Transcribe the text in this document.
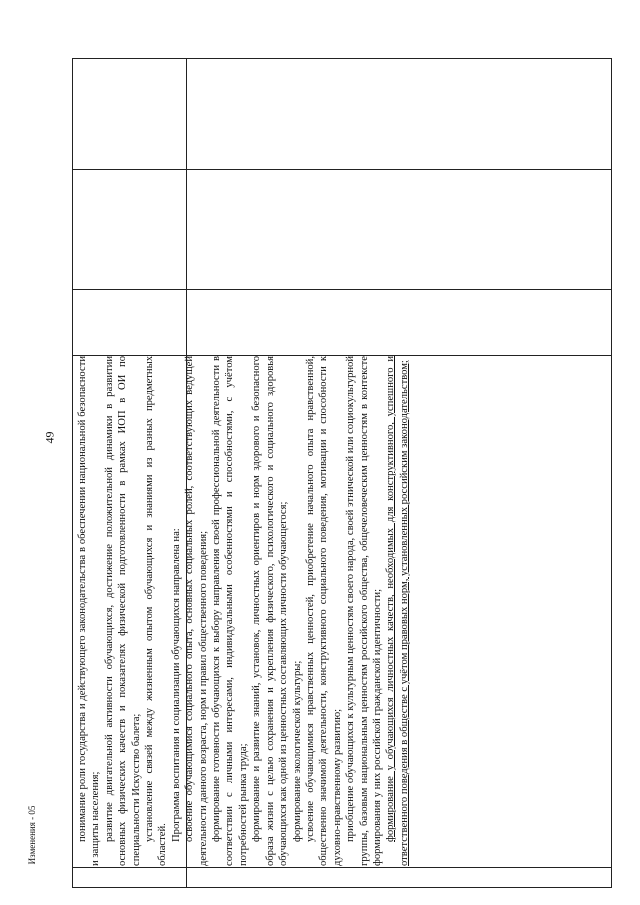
49 понимание роли государства и действующего законодательства в обеспечении национальной безопасности и защиты населения; развитие двигательной активности обучающихся, достижение положительной динамики в развитии основных физических качеств и показателях физической подготовленности в рамках ИОП в ОИ по специальности Искусство балета; установление связей между жизненным опытом обучающихся и знаниями из разных предметных областей.

Программа воспитания и социализации обучающихся направлена на: освоение обучающимися социального опыта, основных социальных ролей, соответствующих ведущей деятельности данного возраста, норм и правил общественного поведения; формирование готовности обучающихся к выбору направления своей профессиональной деятельности в соответствии с личными интересами, индивидуальными особенностями и способностями, с учётом потребностей рынка труда; формирование и развитие знаний, установок, личностных ориентиров и норм здорового и безопасного образа жизни с целью сохранения и укрепления физического, психологического и социального здоровья обучающихся как одной из ценностных составляющих личности обучающегося; формирование экологической культуры; усвоение обучающимися нравственных ценностей, приобретение начального опыта нравственной, общественно значимой деятельности, конструктивного социального поведения, мотивации и способности к духовно-нравственному развитию; приобщение обучающихся к культурным ценностям своего народа, своей этнической или социокультурной группы, базовым национальным ценностям российского общества, общечеловеческим ценностям в контексте формирования у них российской гражданской идентичности; формирование у обучающихся личностных качеств, необходимых для конструктивного, успешного и ответственного поведения в обществе с учётом правовых норм, установленных российским законодательством;

Изменения - 05
